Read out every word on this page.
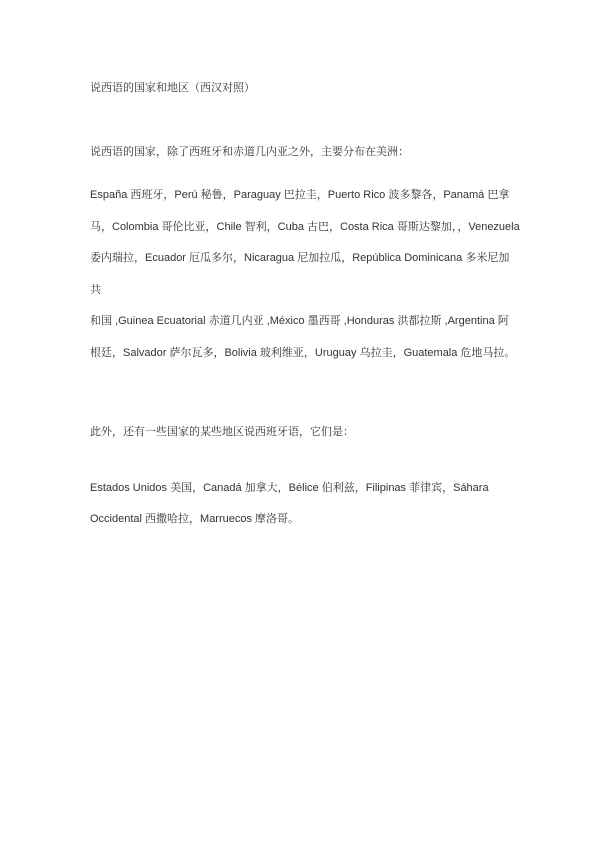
说西语的国家和地区（西汉对照）
说西语的国家，除了西班牙和赤道几内亚之外，主要分布在美洲：
España 西班牙，Perú 秘鲁，Paraguay 巴拉圭，Puerto Rico 波多黎各，Panamá 巴拿
马，Colombia 哥伦比亚，Chile 智利，Cuba 古巴，Costa Rica 哥斯达黎加，，Venezuela
委内瑞拉，Ecuador 厄瓜多尔，Nicaragua 尼加拉瓜，República Dominicana 多米尼加共
和国 ,Guinea Ecuatorial 赤道几内亚 ,México 墨西哥 ,Honduras 洪都拉斯 ,Argentina 阿
根廷，Salvador 萨尔瓦多，Bolivia 玻利维亚，Uruguay 乌拉圭，Guatemala 危地马拉。
此外，还有一些国家的某些地区说西班牙语，它们是：
Estados Unidos 美国，Canadá 加拿大，Bélice 伯利兹，Filipinas 菲律宾，Sáhara
Occidental 西撒哈拉，Marruecos 摩洛哥。
